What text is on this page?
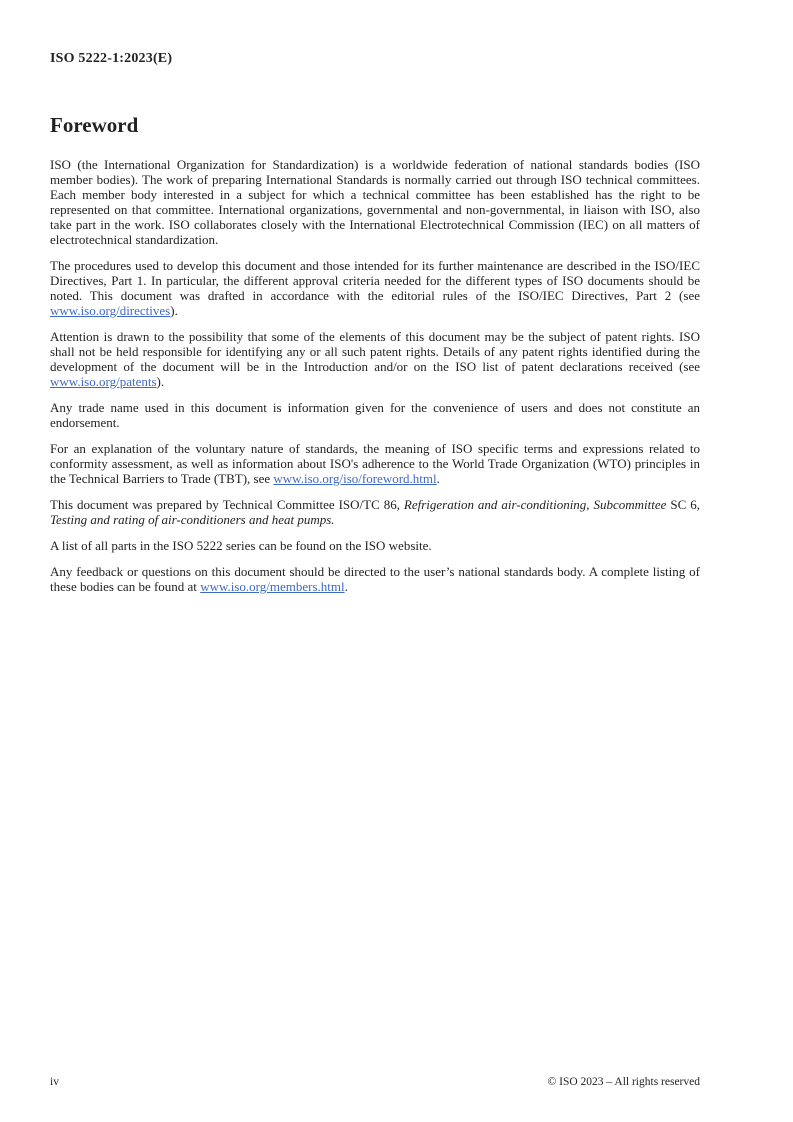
ISO 5222-1:2023(E)
Foreword

ISO (the International Organization for Standardization) is a worldwide federation of national standards bodies (ISO member bodies). The work of preparing International Standards is normally carried out through ISO technical committees. Each member body interested in a subject for which a technical committee has been established has the right to be represented on that committee. International organizations, governmental and non-governmental, in liaison with ISO, also take part in the work. ISO collaborates closely with the International Electrotechnical Commission (IEC) on all matters of electrotechnical standardization.

The procedures used to develop this document and those intended for its further maintenance are described in the ISO/IEC Directives, Part 1. In particular, the different approval criteria needed for the different types of ISO documents should be noted. This document was drafted in accordance with the editorial rules of the ISO/IEC Directives, Part 2 (see www.iso.org/directives).

Attention is drawn to the possibility that some of the elements of this document may be the subject of patent rights. ISO shall not be held responsible for identifying any or all such patent rights. Details of any patent rights identified during the development of the document will be in the Introduction and/or on the ISO list of patent declarations received (see www.iso.org/patents).

Any trade name used in this document is information given for the convenience of users and does not constitute an endorsement.

For an explanation of the voluntary nature of standards, the meaning of ISO specific terms and expressions related to conformity assessment, as well as information about ISO's adherence to the World Trade Organization (WTO) principles in the Technical Barriers to Trade (TBT), see www.iso.org/iso/foreword.html.

This document was prepared by Technical Committee ISO/TC 86, Refrigeration and air-conditioning, Subcommittee SC 6, Testing and rating of air-conditioners and heat pumps.

A list of all parts in the ISO 5222 series can be found on the ISO website.

Any feedback or questions on this document should be directed to the user’s national standards body. A complete listing of these bodies can be found at www.iso.org/members.html.

iv	© ISO 2023 – All rights reserved
